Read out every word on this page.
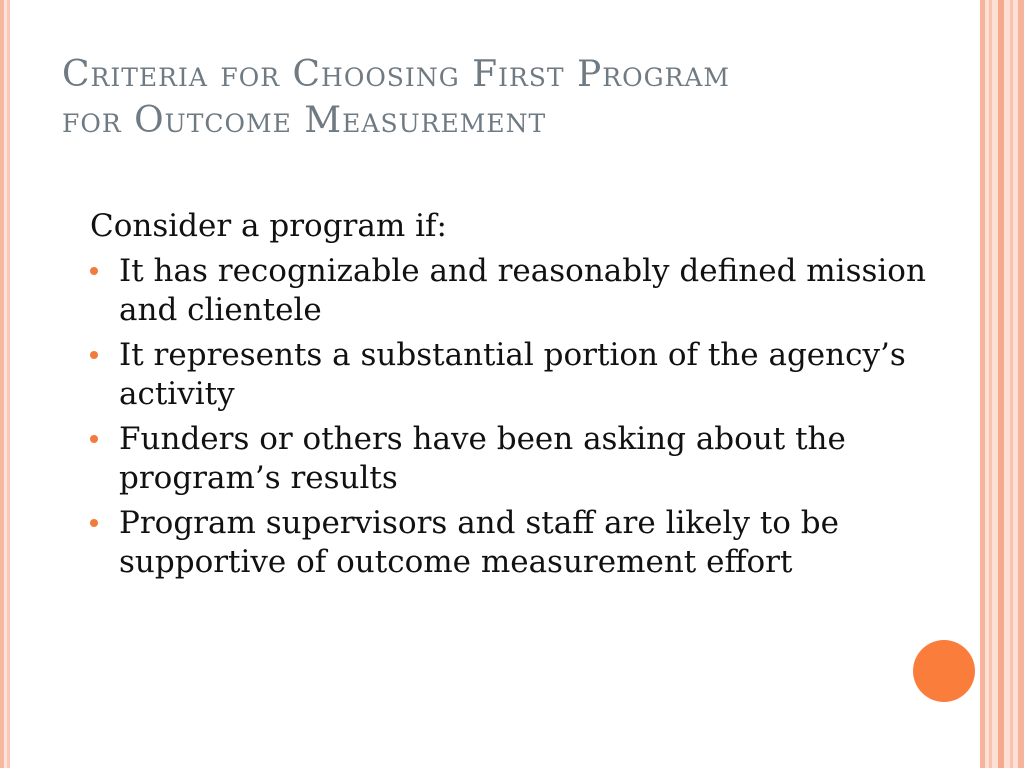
Criteria for Choosing First Program
for Outcome Measurement

Consider a program if:

It has recognizable and reasonably defined mission and clientele
It represents a substantial portion of the agency’s activity
Funders or others have been asking about the program’s results
Program supervisors and staff are likely to be supportive of outcome measurement effort
